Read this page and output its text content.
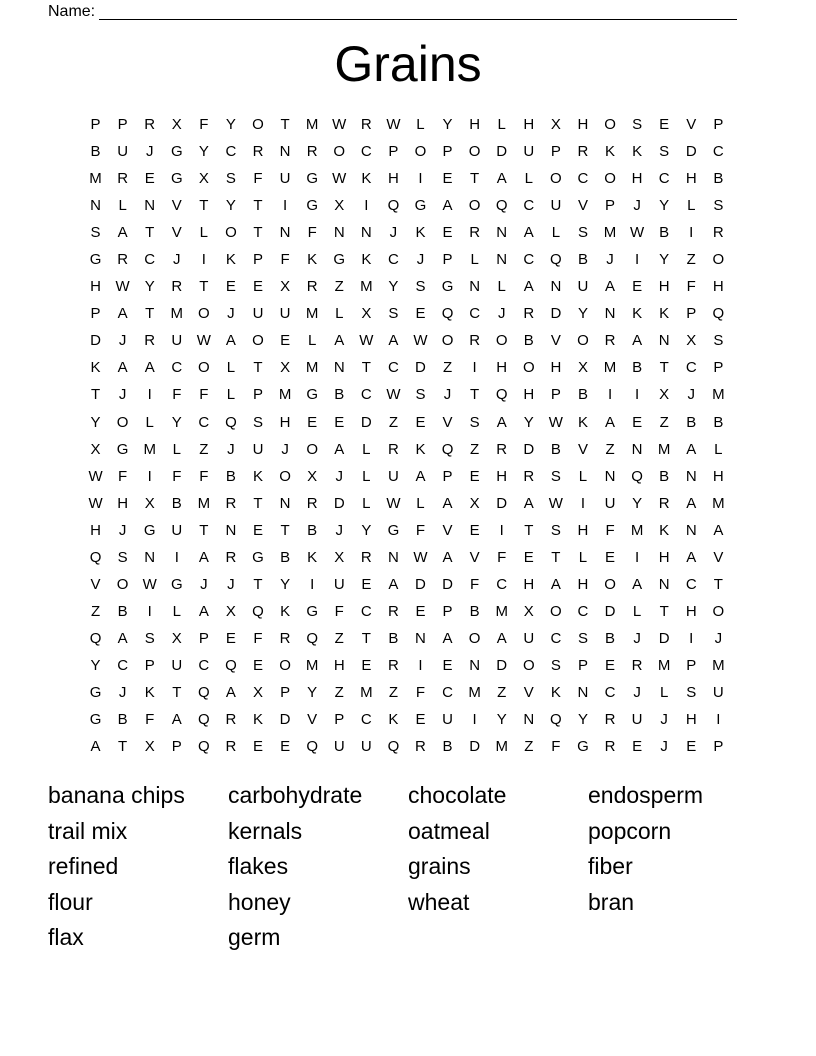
Name:
Grains
P	P	R	X	F	Y	O	T	M W R W	L	Y	H	L	H	X	H	O	S	E	V	P
B	U	J	G	Y	C	R	N	R	O	C	P	O	P	O	D	U	P	R	K	K	S	D	C
M	R	E	G	X	S	F	U	G W K	H	I	E	T	A	L	O	C	O	H	C	H	B
N	L	N	V	T	Y	T	I	G	X	I	Q	G	A	O	Q	C	U	V	P	J	Y	L	S
S	A	T	V	L	O	T	N	F	N	N	J	K	E	R	N	A	L	S	M W B	I	R
G	R	C	J	I	K	P	F	K	G	K	C	J	P	L	N	C	Q	B	J	I	Y	Z	O
H W Y	R	T	E	E	X	R	Z	M	Y	S	G	N	L	A	N	U	A	E	H	F	H
P	A	T	M	O	J	U	U	M	L	X	S	E	Q	C	J	R	D	Y	N	K	K	P	Q
D	J	R	U W A	O	E	L	A W A W O	R	O	B	V	O	R	A	N	X	S
K	A	A	C	O	L	T	X	M	N	T	C	D	Z	I	H	O	H	X	M	B	T	C	P
T	J	I	F	F	L	P	M	G	B	C W S	J	T	Q	H	P	B	I	I	X	J	M
Y	O	L	Y	C	Q	S	H	E	E	D	Z	E	V	S	A	Y W K	A	E	Z	B	B
X	G M	L	Z	J	U	J	O	A	L	R	K	Q	Z	R	D	B	V	Z	N	M	A	L
W	F	I	F	F	B	K	O	X	J	L	U	A	P	E	H	R	S	L	N	Q	B	N	H
W H	X	B	M	R	T	N	R	D	L	W	L	A	X	D	A W	I	U	Y	R	A	M
H	J	G	U	T	N	E	T	B	J	Y	G	F	V	E	I	T	S	H	F	M	K	N	A
Q	S	N	I	A	R	G	B	K	X	R	N W A	V	F	E	T	L	E	I	H	A	V
V	O W G	J	J	T	Y	I	U	E	A	D	D	F	C	H	A	H	O	A	N	C	T
Z	B	I	L	A	X	Q	K	G	F	C	R	E	P	B	M	X	O	C	D	L	T	H	O
Q	A	S	X	P	E	F	R	Q	Z	T	B	N	A	O	A	U	C	S	B	J	D	I	J
Y	C	P	U	C	Q	E	O M	H	E	R	I	E	N	D	O	S	P	E	R	M	P	M
G	J	K	T	Q	A	X	P	Y	Z	M	Z	F	C	M	Z	V	K	N	C	J	L	S	U
G	B	F	A	Q	R	K	D	V	P	C	K	E	U	I	Y	N	Q	Y	R	U	J	H	I
A	T	X	P	Q	R	E	E	Q	U	U	Q	R	B	D	M	Z	F	G	R	E	J	E	P
banana chips	carbohydrate	chocolate	endosperm
trail mix	kernals	oatmeal	popcorn
refined	flakes	grains	fiber
flour	honey	wheat	bran
flax	germ
